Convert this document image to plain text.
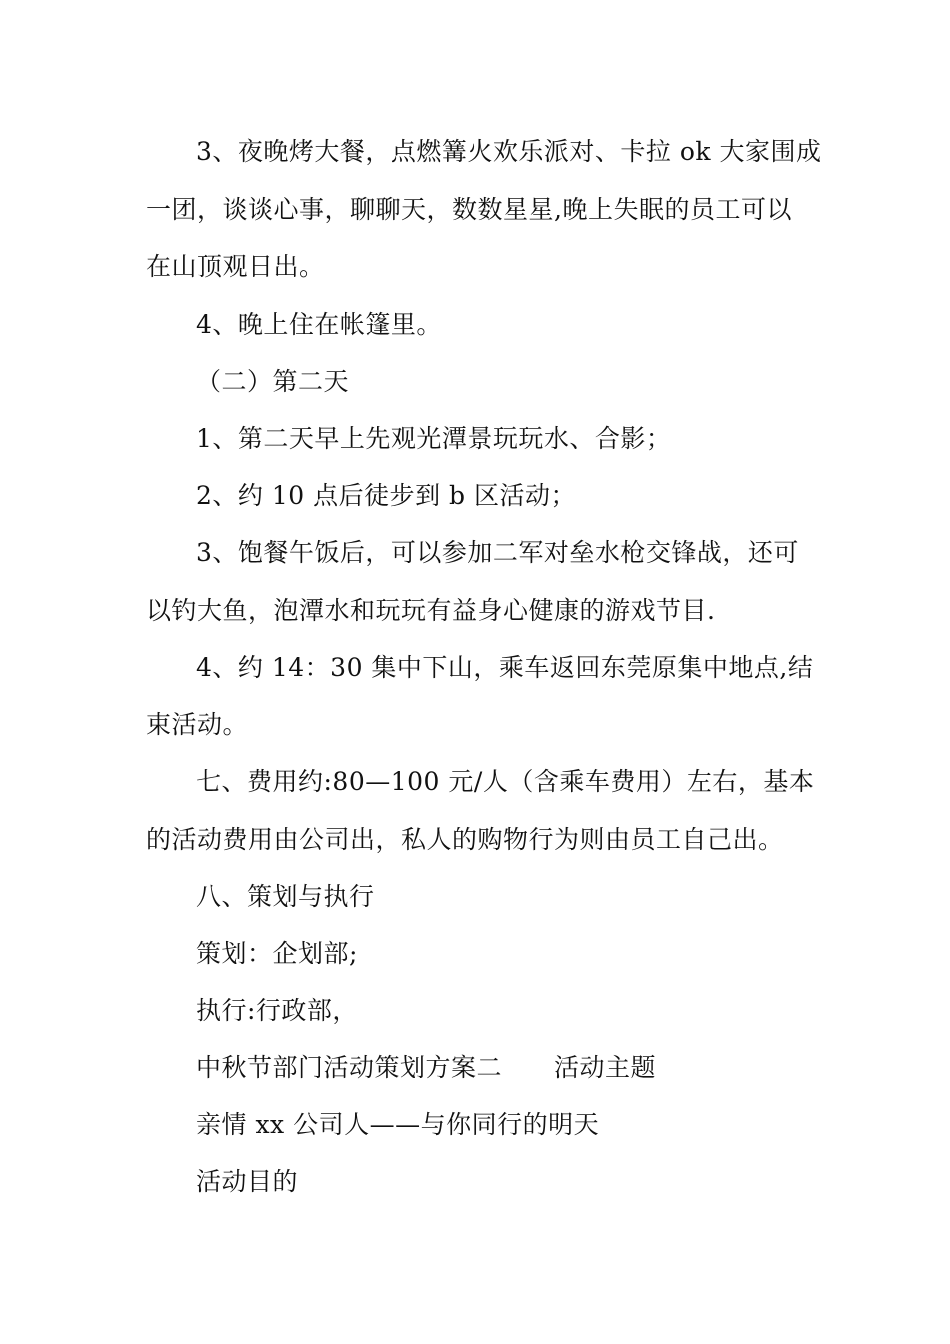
3、夜晚烤大餐，点燃篝火欢乐派对、卡拉 ok 大家围成
一团，谈谈心事，聊聊天，数数星星,晚上失眠的员工可以
在山顶观日出。
4、晚上住在帐篷里。
（二）第二天
1、第二天早上先观光潭景玩玩水、合影；
2、约 10 点后徒步到 b 区活动；
3、饱餐午饭后，可以参加二军对垒水枪交锋战，还可
以钓大鱼，泡潭水和玩玩有益身心健康的游戏节目.
4、约 14：30 集中下山，乘车返回东莞原集中地点,结
束活动。
七、费用约:80—100 元/人（含乘车费用）左右，基本
的活动费用由公司出，私人的购物行为则由员工自己出。
八、策划与执行
策划：企划部;
执行:行政部，
中秋节部门活动策划方案二 活动主题
亲情 xx 公司人——与你同行的明天
活动目的
